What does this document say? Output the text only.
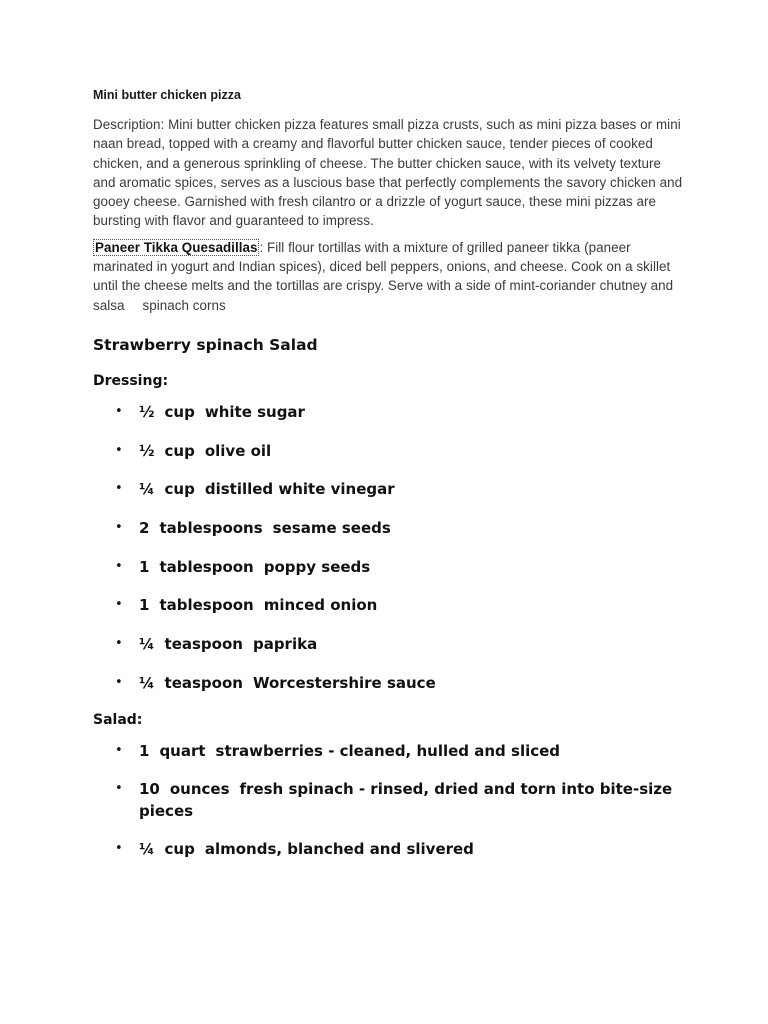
Mini butter chicken pizza

Description: Mini butter chicken pizza features small pizza crusts, such as mini pizza bases or mini naan bread, topped with a creamy and flavorful butter chicken sauce, tender pieces of cooked chicken, and a generous sprinkling of cheese. The butter chicken sauce, with its velvety texture and aromatic spices, serves as a luscious base that perfectly complements the savory chicken and gooey cheese. Garnished with fresh cilantro or a drizzle of yogurt sauce, these mini pizzas are bursting with flavor and guaranteed to impress.

Paneer Tikka Quesadillas : Fill flour tortillas with a mixture of grilled paneer tikka (paneer marinated in yogurt and Indian spices), diced bell peppers, onions, and cheese. Cook on a skillet until the cheese melts and the tortillas are crispy. Serve with a side of mint-coriander chutney and salsa spinach corns

Strawberry spinach Salad
Dressing:
• ½ cup white sugar
• ½ cup olive oil
• ¼ cup distilled white vinegar
• 2 tablespoons sesame seeds
• 1 tablespoon poppy seeds
• 1 tablespoon minced onion
• ¼ teaspoon paprika
• ¼ teaspoon Worcestershire sauce
Salad:
• 1 quart strawberries - cleaned, hulled and sliced
• 10 ounces fresh spinach - rinsed, dried and torn into bite-size pieces
• ¼ cup almonds, blanched and slivered
